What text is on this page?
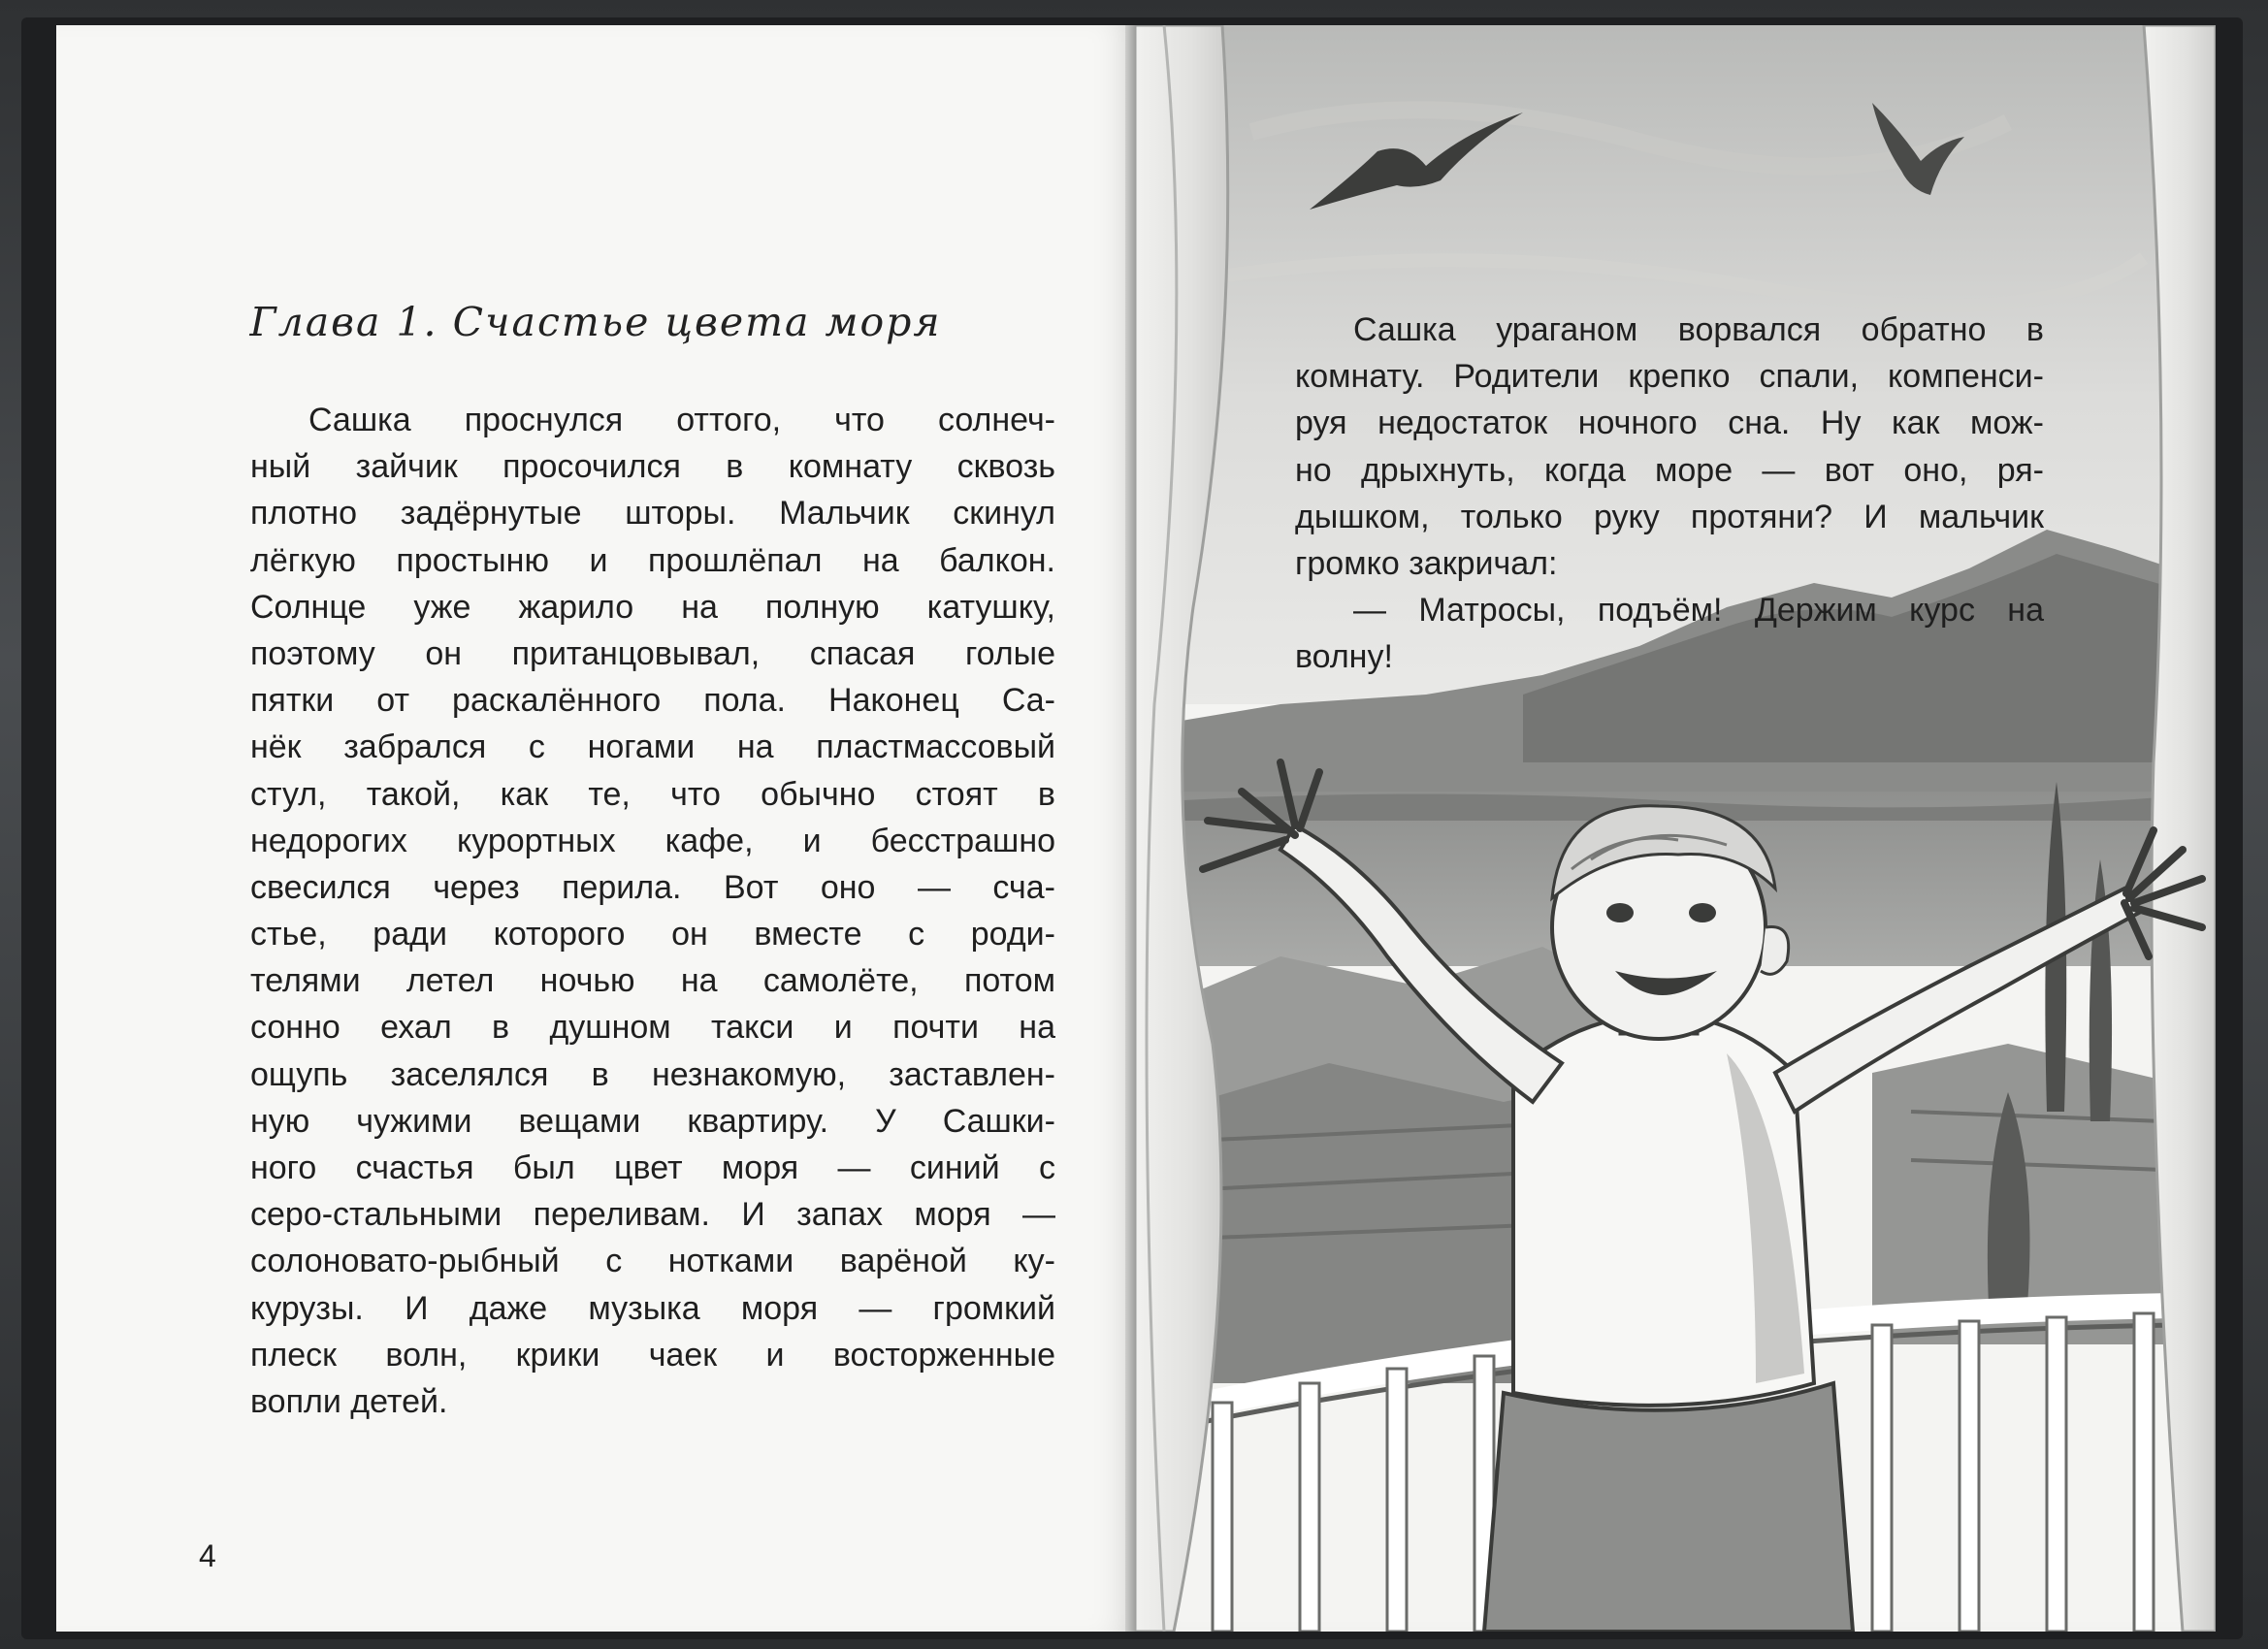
Глава 1. Счастье цвета моря
Сашка проснулся оттого, что солнеч-
ный зайчик просочился в комнату сквозь
плотно задёрнутые шторы. Мальчик скинул
лёгкую простыню и прошлёпал на балкон.
Солнце уже жарило на полную катушку,
поэтому он пританцовывал, спасая голые
пятки от раскалённого пола. Наконец Са-
нёк забрался с ногами на пластмассовый
стул, такой, как те, что обычно стоят в
недорогих курортных кафе, и бесстрашно
свесился через перила. Вот оно — сча-
стье, ради которого он вместе с роди-
телями летел ночью на самолёте, потом
сонно ехал в душном такси и почти на
ощупь заселялся в незнакомую, заставлен-
ную чужими вещами квартиру. У Сашки-
ного счастья был цвет моря — синий с
серо-стальными переливам. И запах моря —
солоновато-рыбный с нотками варёной ку-
курузы. И даже музыка моря — громкий
плеск волн, крики чаек и восторженные
вопли детей.
4
Сашка ураганом ворвался обратно в
комнату. Родители крепко спали, компенси-
руя недостаток ночного сна. Ну как мож-
но дрыхнуть, когда море — вот оно, ря-
дышком, только руку протяни? И мальчик
громко закричал:
— Матросы, подъём! Держим курс на
волну!
